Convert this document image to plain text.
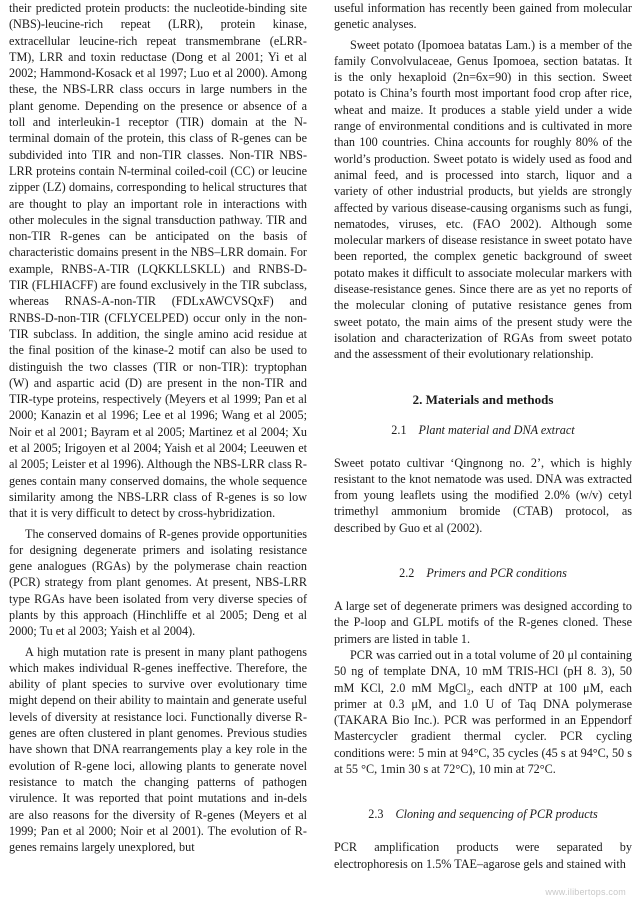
their predicted protein products: the nucleotide-binding site (NBS)-leucine-rich repeat (LRR), protein kinase, extracellular leucine-rich repeat transmembrane (eLRR-TM), LRR and toxin reductase (Dong et al 2001; Yi et al 2002; Hammond-Kosack et al 1997; Luo et al 2000). Among these, the NBS-LRR class occurs in large numbers in the plant genome. Depending on the presence or absence of a toll and interleukin-1 receptor (TIR) domain at the N-terminal domain of the protein, this class of R-genes can be subdivided into TIR and non-TIR classes. Non-TIR NBS-LRR proteins contain N-terminal coiled-coil (CC) or leucine zipper (LZ) domains, corresponding to helical structures that are thought to play an important role in interactions with other molecules in the signal transduction pathway. TIR and non-TIR R-genes can be anticipated on the basis of characteristic domains present in the NBS–LRR domain. For example, RNBS-A-TIR (LQKKLLSKLL) and RNBS-D-TIR (FLHIACFF) are found exclusively in the TIR subclass, whereas RNAS-A-non-TIR (FDLxAWCVSQxF) and RNBS-D-non-TIR (CFLYCELPED) occur only in the non-TIR subclass. In addition, the single amino acid residue at the final position of the kinase-2 motif can also be used to distinguish the two classes (TIR or non-TIR): tryptophan (W) and aspartic acid (D) are present in the non-TIR and TIR-type proteins, respectively (Meyers et al 1999; Pan et al 2000; Kanazin et al 1996; Lee et al 1996; Wang et al 2005; Noir et al 2001; Bayram et al 2005; Martinez et al 2004; Xu et al 2005; Irigoyen et al 2004; Yaish et al 2004; Leeuwen et al 2005; Leister et al 1996). Although the NBS-LRR class R-genes contain many conserved domains, the whole sequence similarity among the NBS-LRR class of R-genes is so low that it is very difficult to detect by cross-hybridization.

The conserved domains of R-genes provide opportunities for designing degenerate primers and isolating resistance gene analogues (RGAs) by the polymerase chain reaction (PCR) strategy from plant genomes. At present, NBS-LRR type RGAs have been isolated from very diverse species of plants by this approach (Hinchliffe et al 2005; Deng et al 2000; Tu et al 2003; Yaish et al 2004).

A high mutation rate is present in many plant pathogens which makes individual R-genes ineffective. Therefore, the ability of plant species to survive over evolutionary time might depend on their ability to maintain and generate useful levels of diversity at resistance loci. Functionally diverse R-genes are often clustered in plant genomes. Previous studies have shown that DNA rearrangements play a key role in the evolution of R-gene loci, allowing plants to generate novel resistance to match the changing patterns of pathogen virulence. It was reported that point mutations and in-dels are also reasons for the diversity of R-genes (Meyers et al 1999; Pan et al 2000; Noir et al 2001). The evolution of R-genes remains largely unexplored, but

useful information has recently been gained from molecular genetic analyses.

Sweet potato (Ipomoea batatas Lam.) is a member of the family Convolvulaceae, Genus Ipomoea, section batatas. It is the only hexaploid (2n=6x=90) in this section. Sweet potato is China’s fourth most important food crop after rice, wheat and maize. It produces a stable yield under a wide range of environmental conditions and is cultivated in more than 100 countries. China accounts for roughly 80% of the world’s production. Sweet potato is widely used as food and animal feed, and is processed into starch, liquor and a variety of other industrial products, but yields are strongly affected by various disease-causing organisms such as fungi, nematodes, viruses, etc. (FAO 2002). Although some molecular markers of disease resistance in sweet potato have been reported, the complex genetic background of sweet potato makes it difficult to associate molecular markers with disease-resistance genes. Since there are as yet no reports of the molecular cloning of putative resistance genes from sweet potato, the main aims of the present study were the isolation and characterization of RGAs from sweet potato and the assessment of their evolutionary relationship.

2. Materials and methods
2.1 Plant material and DNA extract

Sweet potato cultivar ‘Qingnong no. 2’, which is highly resistant to the knot nematode was used. DNA was extracted from young leaflets using the modified 2.0% (w/v) cetyl trimethyl ammonium bromide (CTAB) protocol, as described by Guo et al (2002).

2.2 Primers and PCR conditions

A large set of degenerate primers was designed according to the P-loop and GLPL motifs of the R-genes cloned. These primers are listed in table 1.

PCR was carried out in a total volume of 20 μl containing 50 ng of template DNA, 10 mM TRIS-HCl (pH 8. 3), 50 mM KCl, 2.0 mM MgCl₂, each dNTP at 100 μM, each primer at 0.3 μM, and 1.0 U of Taq DNA polymerase (TAKARA Bio Inc.). PCR was performed in an Eppendorf Mastercycler gradient thermal cycler. PCR cycling conditions were: 5 min at 94°C, 35 cycles (45 s at 94°C, 50 s at 55 °C, 1min 30 s at 72°C), 10 min at 72°C.

2.3 Cloning and sequencing of PCR products

PCR amplification products were separated by electrophoresis on 1.5% TAE–agarose gels and stained with

www.ilibertops.com
